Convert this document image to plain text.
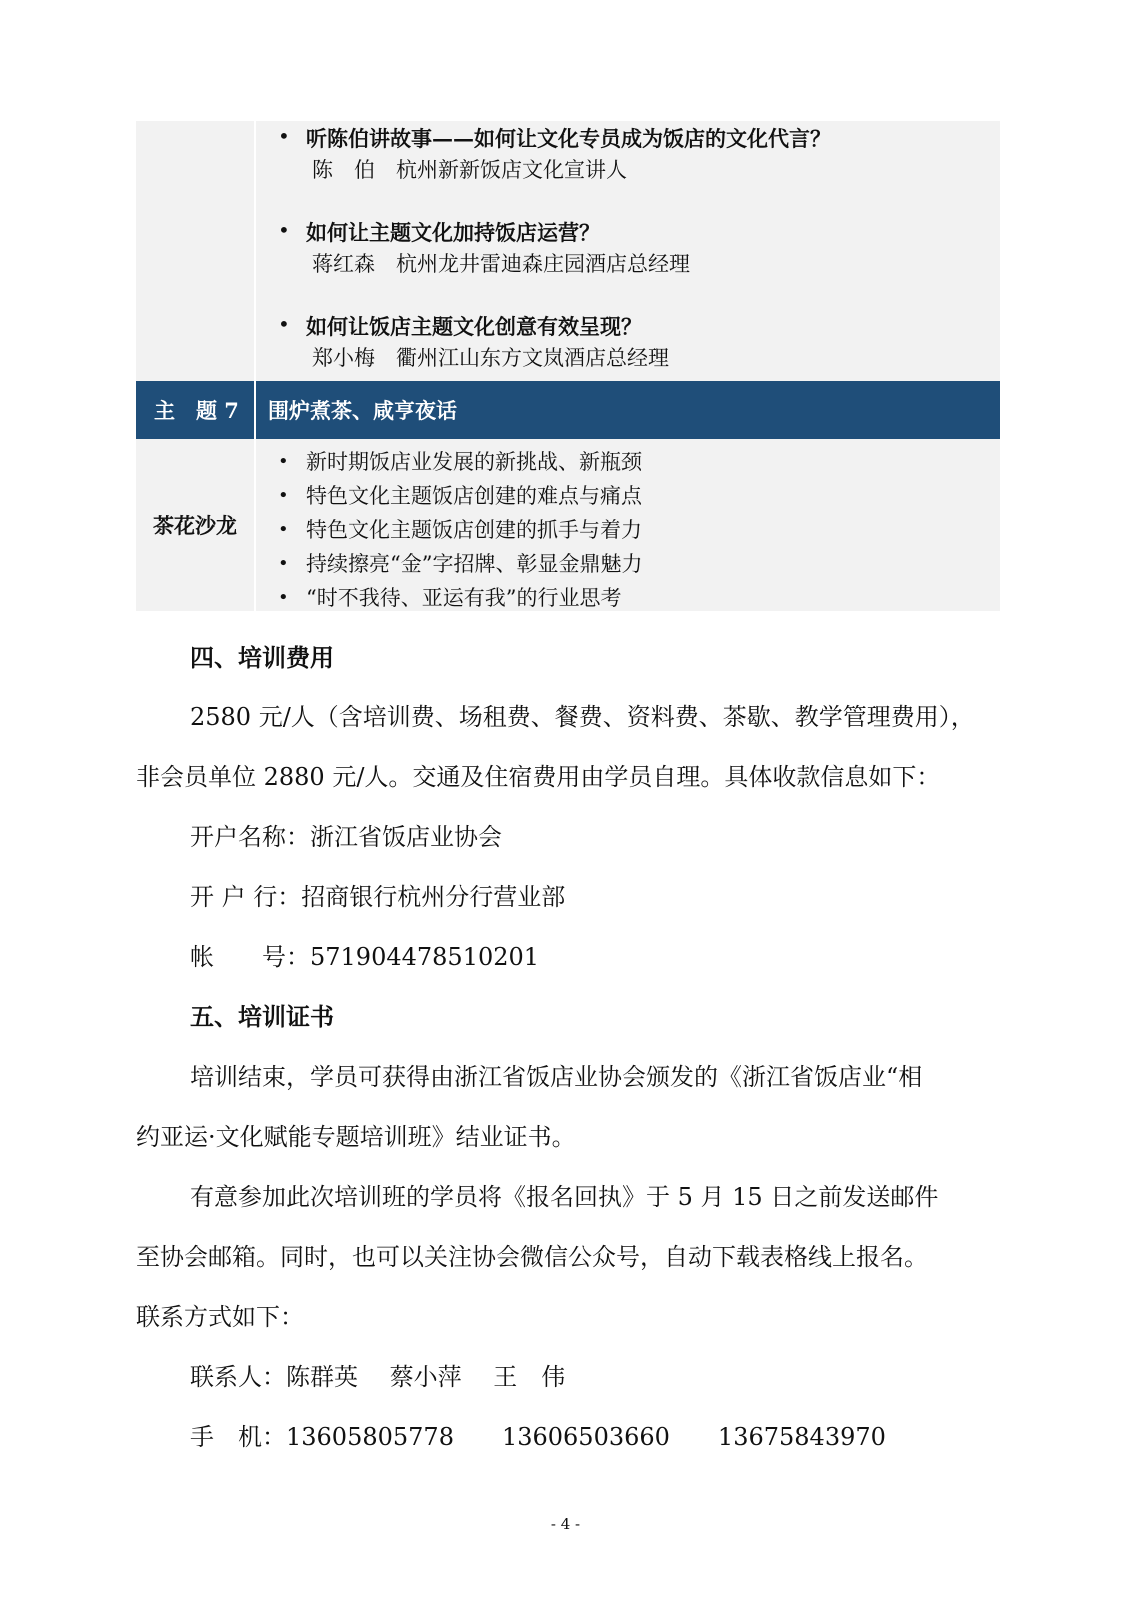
• 听陈伯讲故事——如何让文化专员成为饭店的文化代言？
陈　伯　杭州新新饭店文化宣讲人
• 如何让主题文化加持饭店运营？
蒋红森　杭州龙井雷迪森庄园酒店总经理
• 如何让饭店主题文化创意有效呈现？
郑小梅　衢州江山东方文岚酒店总经理
主　题 7	围炉煮茶、咸亨夜话
茶花沙龙
• 新时期饭店业发展的新挑战、新瓶颈
• 特色文化主题饭店创建的难点与痛点
• 特色文化主题饭店创建的抓手与着力
• 持续擦亮“金”字招牌、彰显金鼎魅力
• “时不我待、亚运有我”的行业思考
四、培训费用
2580 元/人（含培训费、场租费、餐费、资料费、茶歇、教学管理费用），
非会员单位 2880 元/人。交通及住宿费用由学员自理。具体收款信息如下：
开户名称：浙江省饭店业协会
开 户 行：招商银行杭州分行营业部
帐　　号：571904478510201
五、培训证书
培训结束，学员可获得由浙江省饭店业协会颁发的《浙江省饭店业“相
约亚运·文化赋能专题培训班》结业证书。
有意参加此次培训班的学员将《报名回执》于 5 月 15 日之前发送邮件
至协会邮箱。同时，也可以关注协会微信公众号，自动下载表格线上报名。
联系方式如下：
联系人：陈群英　 蔡小萍　 王　伟
手　机：13605805778　　13606503660　　13675843970
- 4 -
